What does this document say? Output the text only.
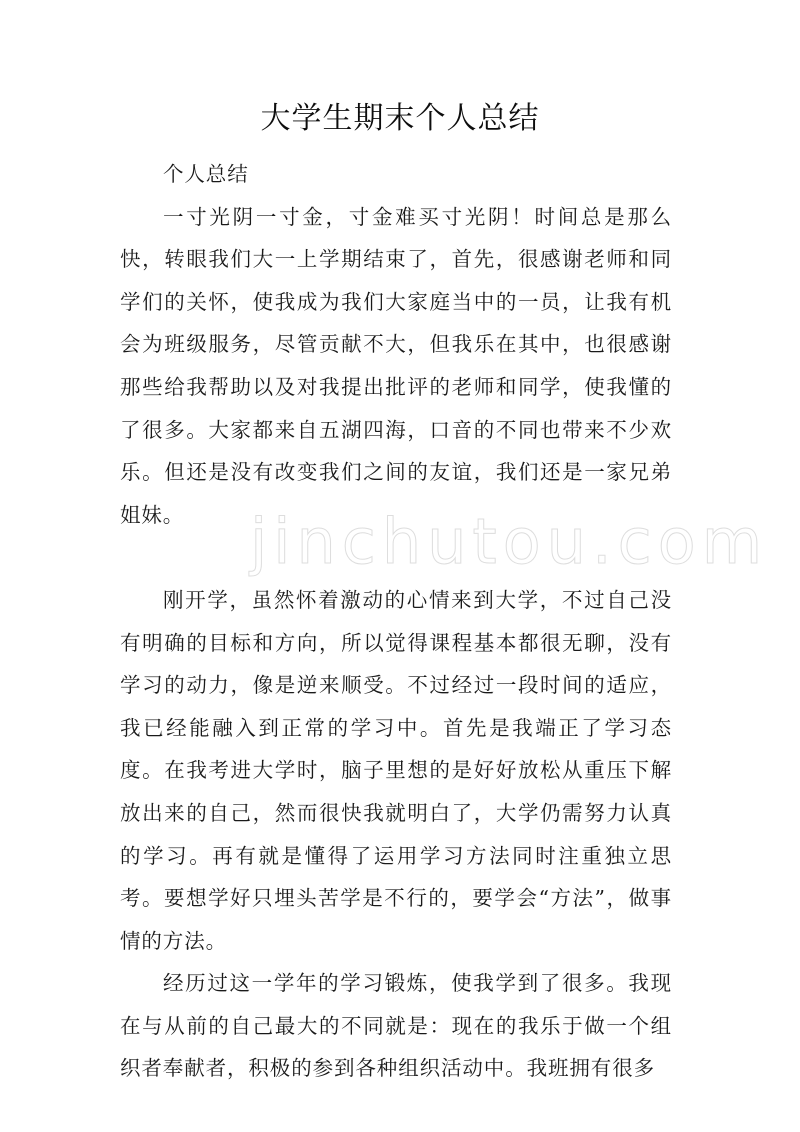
jinchutou.com
大学生期末个人总结

个人总结

一寸光阴一寸金，寸金难买寸光阴！时间总是那么快，转眼我们大一上学期结束了，首先，很感谢老师和同学们的关怀，使我成为我们大家庭当中的一员，让我有机会为班级服务，尽管贡献不大，但我乐在其中，也很感谢那些给我帮助以及对我提出批评的老师和同学，使我懂的了很多。大家都来自五湖四海，口音的不同也带来不少欢乐。但还是没有改变我们之间的友谊，我们还是一家兄弟姐妹。

刚开学，虽然怀着激动的心情来到大学，不过自己没有明确的目标和方向，所以觉得课程基本都很无聊，没有学习的动力，像是逆来顺受。不过经过一段时间的适应，我已经能融入到正常的学习中。首先是我端正了学习态度。在我考进大学时，脑子里想的是好好放松从重压下解放出来的自己，然而很快我就明白了，大学仍需努力认真的学习。再有就是懂得了运用学习方法同时注重独立思考。要想学好只埋头苦学是不行的，要学会“方法”，做事情的方法。

经历过这一学年的学习锻炼，使我学到了很多。我现在与从前的自己最大的不同就是：现在的我乐于做一个组织者奉献者，积极的参到各种组织活动中。我班拥有很多
